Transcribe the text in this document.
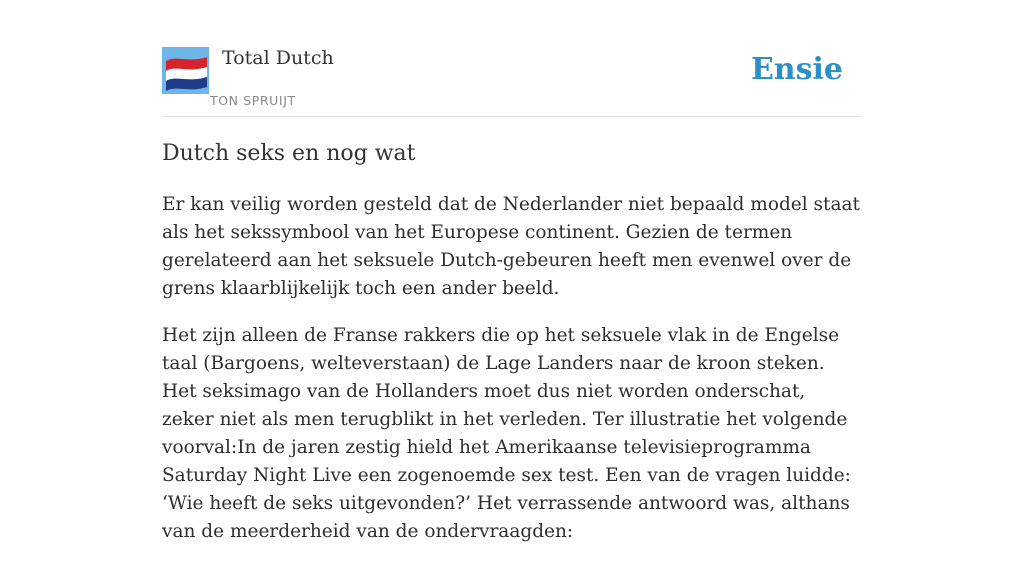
Total Dutch
TON SPRUIJT
Ensie
Dutch seks en nog wat

Er kan veilig worden gesteld dat de Nederlander niet bepaald model staat als het sekssymbool van het Europese continent. Gezien de termen gerelateerd aan het seksuele Dutch-gebeuren heeft men evenwel over de grens klaarblijkelijk toch een ander beeld.

Het zijn alleen de Franse rakkers die op het seksuele vlak in de Engelse taal (Bargoens, welteverstaan) de Lage Landers naar de kroon steken. Het seksimago van de Hollanders moet dus niet worden onderschat, zeker niet als men terugblikt in het verleden. Ter illustratie het volgende voorval:In de jaren zestig hield het Amerikaanse televisieprogramma Saturday Night Live een zogenoemde sex test. Een van de vragen luidde: ‘Wie heeft de seks uitgevonden?’ Het verrassende antwoord was, althans van de meerderheid van de ondervraagden:
